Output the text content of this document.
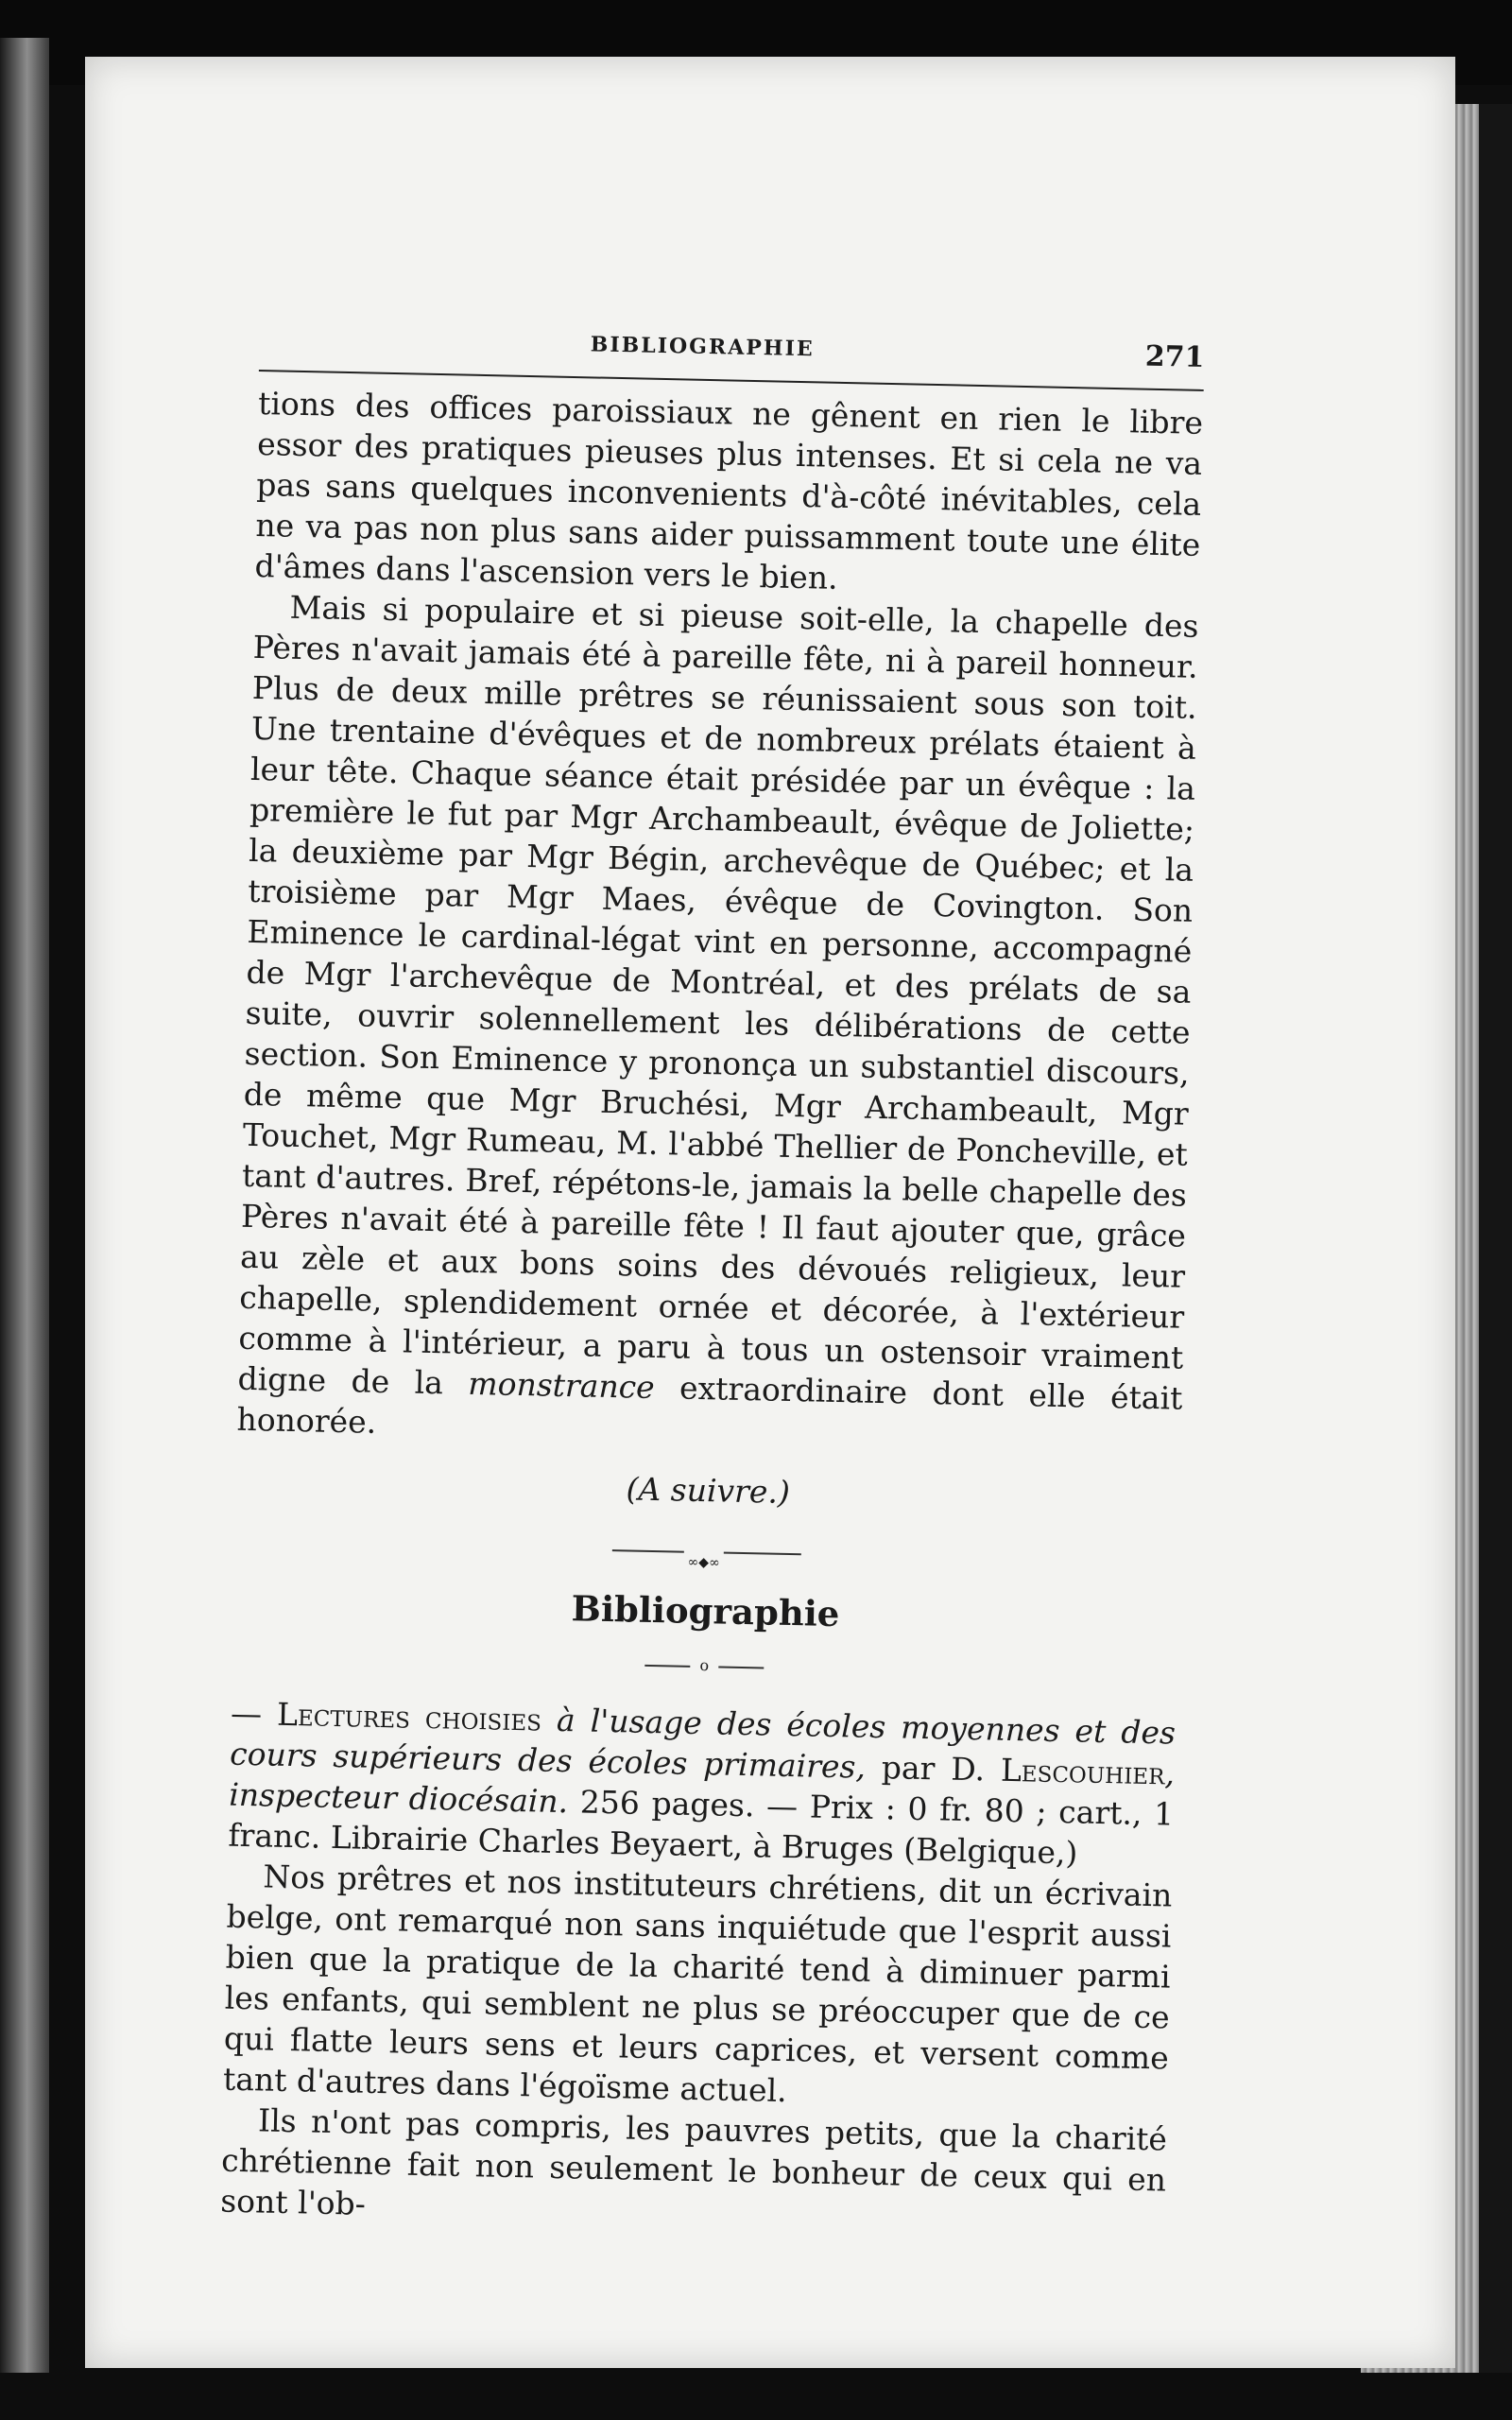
BIBLIOGRAPHIE	271

tions des offices paroissiaux ne gênent en rien le libre essor des pratiques pieuses plus intenses. Et si cela ne va pas sans quelques inconvenients d'à-côté inévitables, cela ne va pas non plus sans aider puissamment toute une élite d'âmes dans l'ascension vers le bien.

Mais si populaire et si pieuse soit-elle, la chapelle des Pères n'avait jamais été à pareille fête, ni à pareil honneur. Plus de deux mille prêtres se réunissaient sous son toit. Une trentaine d'évêques et de nombreux prélats étaient à leur tête. Chaque séance était présidée par un évêque : la première le fut par Mgr Archambeault, évêque de Joliette; la deuxième par Mgr Bégin, archevêque de Québec; et la troisième par Mgr Maes, évêque de Covington. Son Eminence le cardinal-légat vint en personne, accompagné de Mgr l'archevêque de Montréal, et des prélats de sa suite, ouvrir solennellement les délibérations de cette section. Son Eminence y prononça un substantiel discours, de même que Mgr Bruchési, Mgr Archambeault, Mgr Touchet, Mgr Rumeau, M. l'abbé Thellier de Poncheville, et tant d'autres. Bref, répétons-le, jamais la belle chapelle des Pères n'avait été à pareille fête ! Il faut ajouter que, grâce au zèle et aux bons soins des dévoués religieux, leur chapelle, splendidement ornée et décorée, à l'extérieur comme à l'intérieur, a paru à tous un ostensoir vraiment digne de la monstrance extraordinaire dont elle était honorée.

(A suivre.)
∞◆∞
Bibliographie
o

— Lectures choisies à l'usage des écoles moyennes et des cours supérieurs des écoles primaires, par D. Lescouhier, inspecteur diocésain. 256 pages. — Prix : 0 fr. 80 ; cart., 1 franc. Librairie Charles Beyaert, à Bruges (Belgique,)

Nos prêtres et nos instituteurs chrétiens, dit un écrivain belge, ont remarqué non sans inquiétude que l'esprit aussi bien que la pratique de la charité tend à diminuer parmi les enfants, qui semblent ne plus se préoccuper que de ce qui flatte leurs sens et leurs caprices, et versent comme tant d'autres dans l'égoïsme actuel.

Ils n'ont pas compris, les pauvres petits, que la charité chrétienne fait non seulement le bonheur de ceux qui en sont l'ob-
